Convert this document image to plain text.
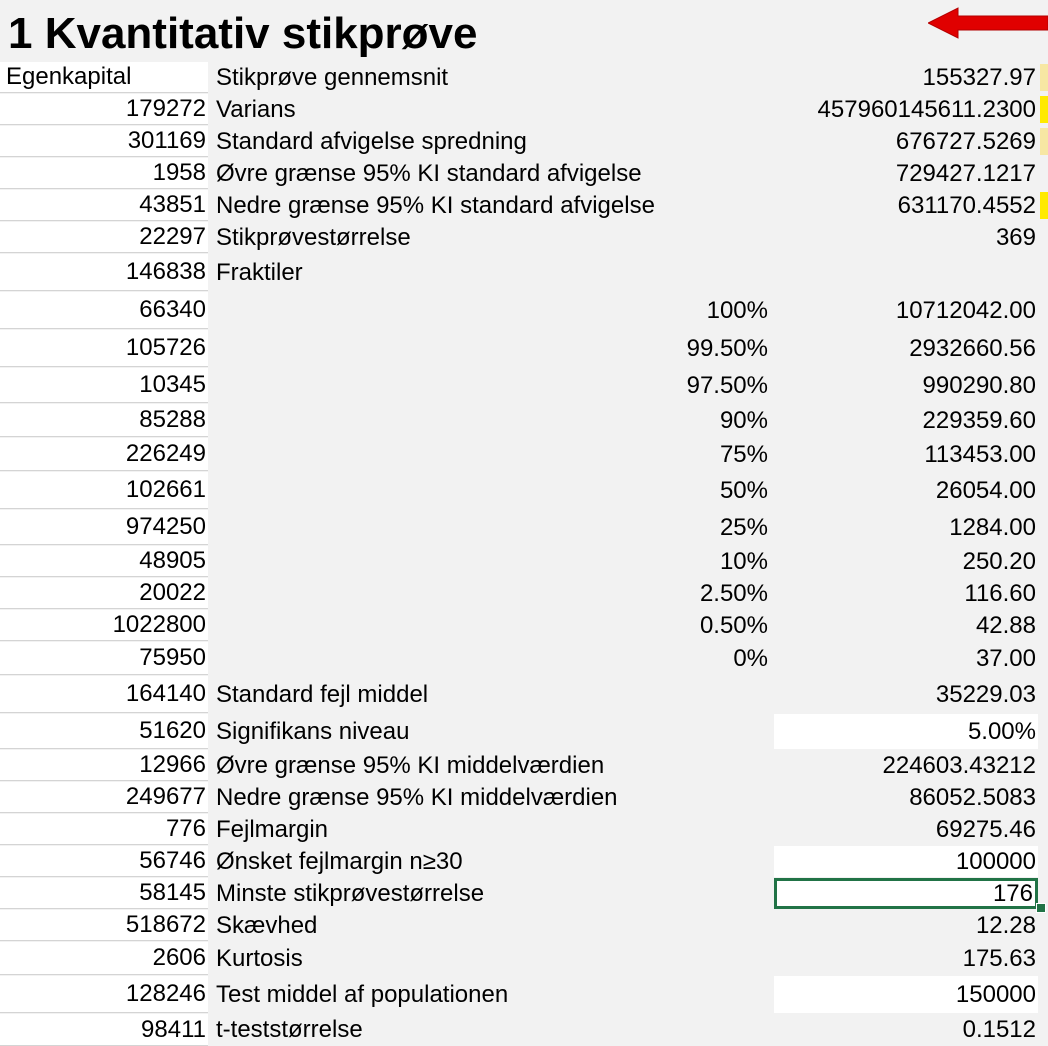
1 Kvantitativ stikprøve
Egenkapital	Stikprøve gennemsnit	155327.97
179272 Varians	457960145611.2300
301169 Standard afvigelse spredning	676727.5269
1958 Øvre grænse 95% KI standard afvigelse	729427.1217
43851 Nedre grænse 95% KI standard afvigelse	631170.4552
22297 Stikprøvestørrelse	369
146838 Fraktiler
66340	100%	10712042.00
105726	99.50%	2932660.56
10345	97.50%	990290.80
85288	90%	229359.60
226249	75%	113453.00
102661	50%	26054.00
974250	25%	1284.00
48905	10%	250.20
20022	2.50%	116.60
1022800	0.50%	42.88
75950	0%	37.00
164140 Standard fejl middel	35229.03
51620 Signifikans niveau	5.00%
12966 Øvre grænse 95% KI middelværdien	224603.43212
249677 Nedre grænse 95% KI middelværdien	86052.5083
776 Fejlmargin	69275.46
56746 Ønsket fejlmargin n≥30	100000
58145 Minste stikprøvestørrelse	176
518672 Skævhed	12.28
2606 Kurtosis	175.63
128246 Test middel af populationen	150000
98411 t-teststørrelse	0.1512
